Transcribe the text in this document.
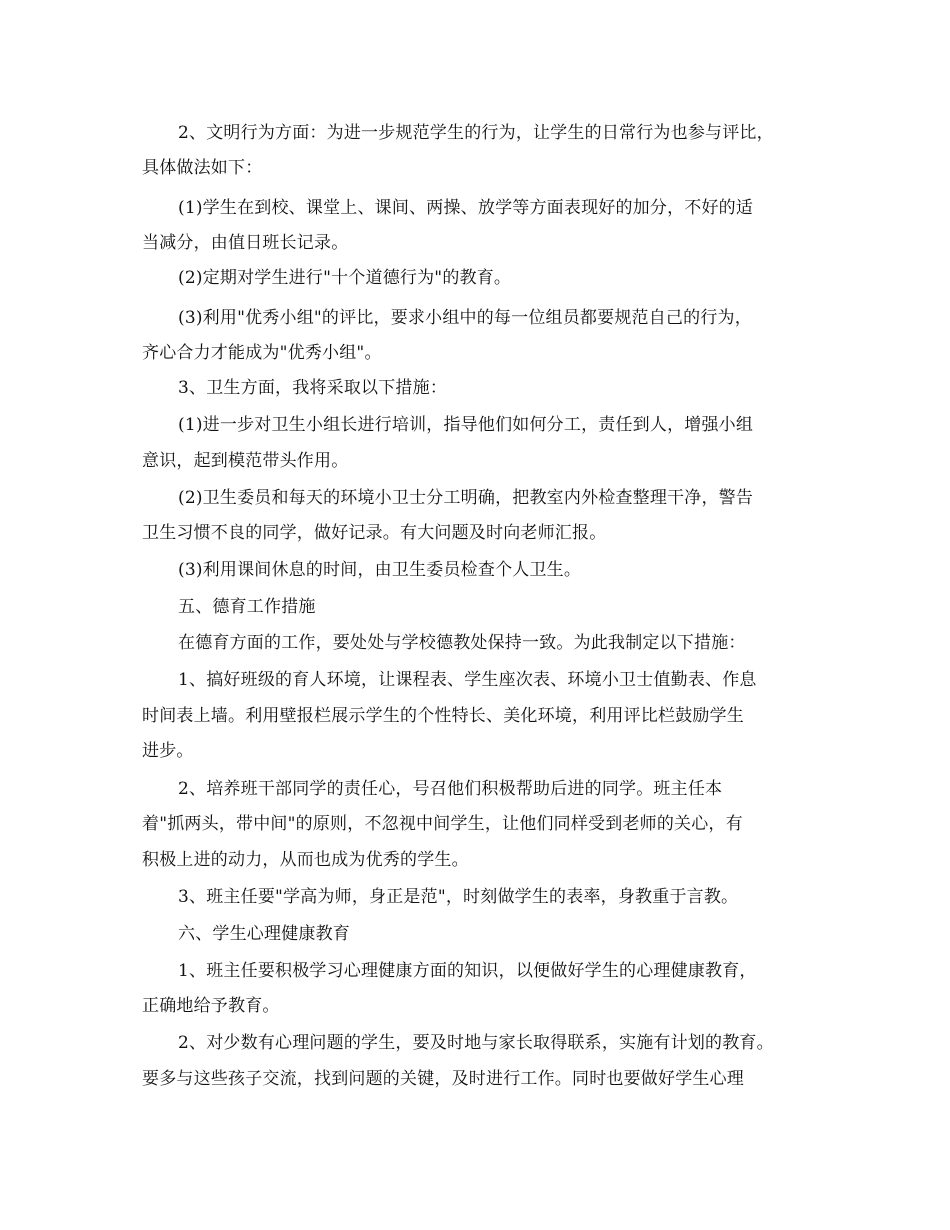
2、文明行为方面：为进一步规范学生的行为，让学生的日常行为也参与评比，
具体做法如下：
(1)学生在到校、课堂上、课间、两操、放学等方面表现好的加分，不好的适
当减分，由值日班长记录。
(2)定期对学生进行"十个道德行为"的教育。
(3)利用"优秀小组"的评比，要求小组中的每一位组员都要规范自己的行为，
齐心合力才能成为"优秀小组"。
3、卫生方面，我将采取以下措施：
(1)进一步对卫生小组长进行培训，指导他们如何分工，责任到人，增强小组
意识，起到模范带头作用。
(2)卫生委员和每天的环境小卫士分工明确，把教室内外检查整理干净，警告
卫生习惯不良的同学，做好记录。有大问题及时向老师汇报。
(3)利用课间休息的时间，由卫生委员检查个人卫生。
五、德育工作措施
在德育方面的工作，要处处与学校德教处保持一致。为此我制定以下措施：
1、搞好班级的育人环境，让课程表、学生座次表、环境小卫士值勤表、作息
时间表上墙。利用壁报栏展示学生的个性特长、美化环境，利用评比栏鼓励学生
进步。
2、培养班干部同学的责任心，号召他们积极帮助后进的同学。班主任本
着"抓两头，带中间"的原则，不忽视中间学生，让他们同样受到老师的关心，有
积极上进的动力，从而也成为优秀的学生。
3、班主任要"学高为师，身正是范"，时刻做学生的表率，身教重于言教。
六、学生心理健康教育
1、班主任要积极学习心理健康方面的知识，以便做好学生的心理健康教育，
正确地给予教育。
2、对少数有心理问题的学生，要及时地与家长取得联系，实施有计划的教育。
要多与这些孩子交流，找到问题的关键，及时进行工作。同时也要做好学生心理
